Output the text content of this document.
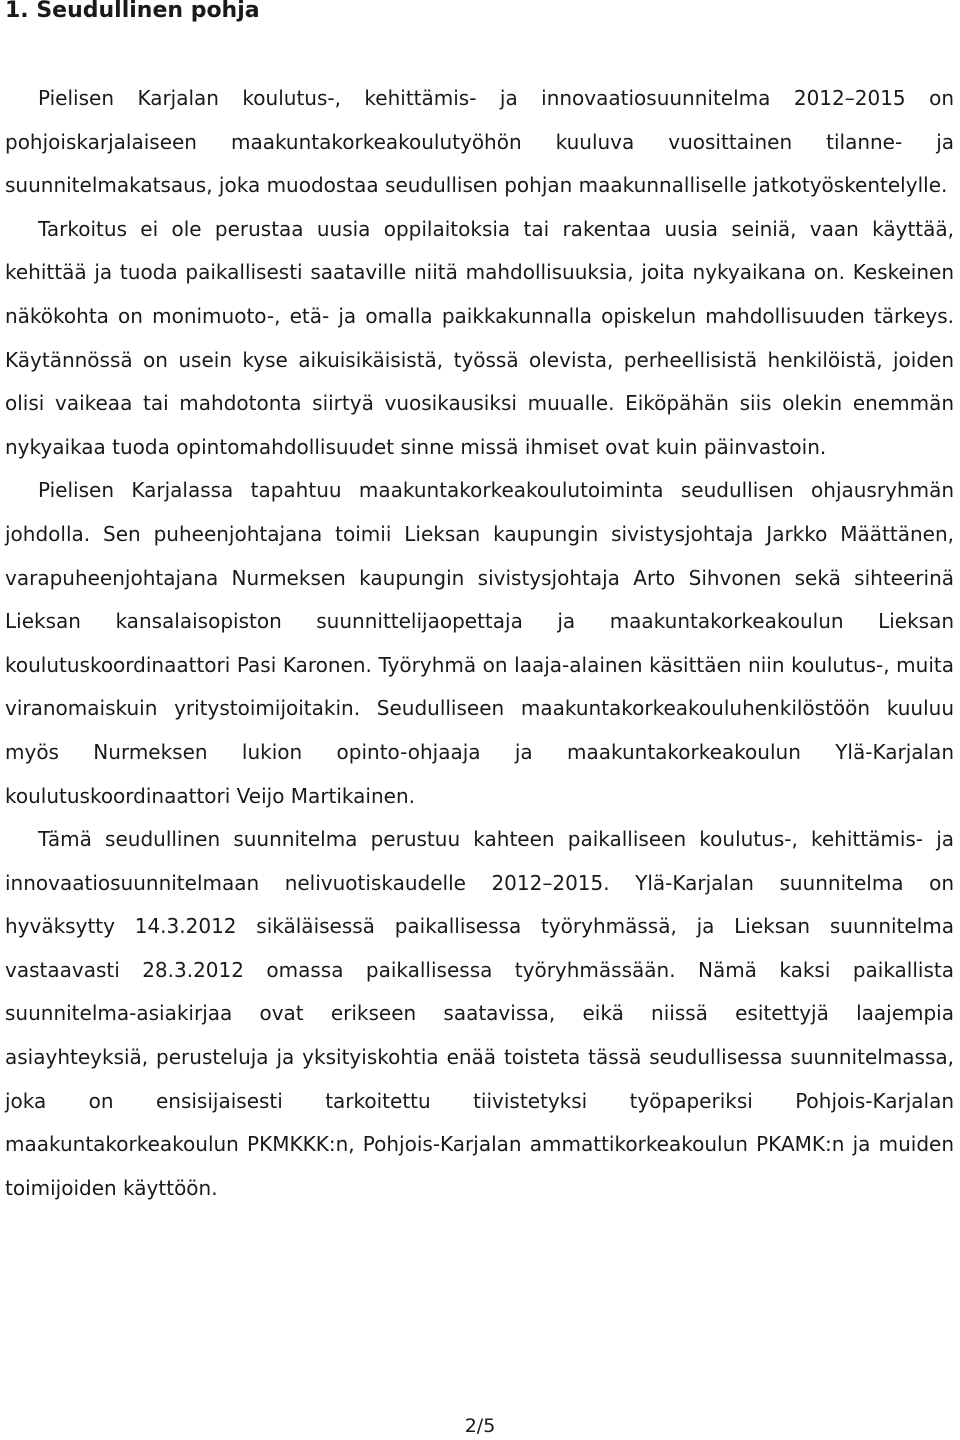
1. Seudullinen pohja

Pielisen Karjalan koulutus-, kehittämis- ja innovaatiosuunnitelma 2012–2015 on pohjoiskarjalaiseen maakuntakorkeakoulutyöhön kuuluva vuosittainen tilanne- ja suunnitelmakatsaus, joka muodostaa seudullisen pohjan maakunnalliselle jatkotyöskentelylle.

Tarkoitus ei ole perustaa uusia oppilaitoksia tai rakentaa uusia seiniä, vaan käyttää, kehittää ja tuoda paikallisesti saataville niitä mahdollisuuksia, joita nykyaikana on. Keskeinen näkökohta on monimuoto-, etä- ja omalla paikkakunnalla opiskelun mahdollisuuden tärkeys. Käytännössä on usein kyse aikuisikäisistä, työssä olevista, perheellisistä henkilöistä, joiden olisi vaikeaa tai mahdotonta siirtyä vuosikausiksi muualle. Eiköpähän siis olekin enemmän nykyaikaa tuoda opintomahdollisuudet sinne missä ihmiset ovat kuin päinvastoin.

Pielisen Karjalassa tapahtuu maakuntakorkeakoulutoiminta seudullisen ohjausryhmän johdolla. Sen puheenjohtajana toimii Lieksan kaupungin sivistysjohtaja Jarkko Määttänen, varapuheenjohtajana Nurmeksen kaupungin sivistysjohtaja Arto Sihvonen sekä sihteerinä Lieksan kansalaisopiston suunnittelijaopettaja ja maakuntakorkeakoulun Lieksan koulutuskoordinaattori Pasi Karonen. Työryhmä on laaja-alainen käsittäen niin koulutus-, muita viranomaiskuin yritystoimijoitakin. Seudulliseen maakuntakorkeakouluhenkilöstöön kuuluu myös Nurmeksen lukion opinto-ohjaaja ja maakuntakorkeakoulun Ylä-Karjalan koulutuskoordinaattori Veijo Martikainen.

Tämä seudullinen suunnitelma perustuu kahteen paikalliseen koulutus-, kehittämis- ja innovaatiosuunnitelmaan nelivuotiskaudelle 2012–2015. Ylä-Karjalan suunnitelma on hyväksytty 14.3.2012 sikäläisessä paikallisessa työryhmässä, ja Lieksan suunnitelma vastaavasti 28.3.2012 omassa paikallisessa työryhmässään. Nämä kaksi paikallista suunnitelma-asiakirjaa ovat erikseen saatavissa, eikä niissä esitettyjä laajempia asiayhteyksiä, perusteluja ja yksityiskohtia enää toisteta tässä seudullisessa suunnitelmassa, joka on ensisijaisesti tarkoitettu tiivistetyksi työpaperiksi Pohjois-Karjalan maakuntakorkeakoulun PKMKKK:n, Pohjois-Karjalan ammattikorkeakoulun PKAMK:n ja muiden toimijoiden käyttöön.

2/5
